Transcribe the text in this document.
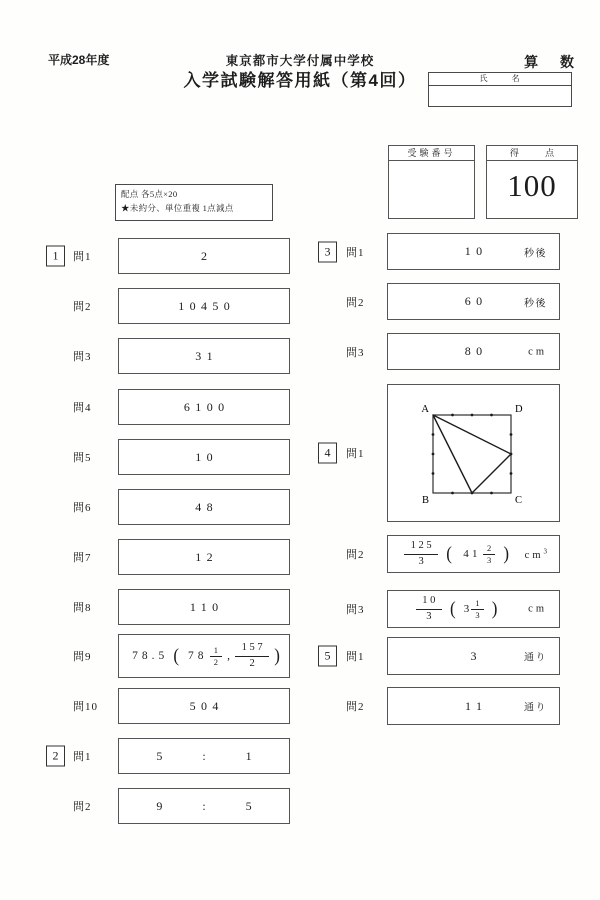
平成28年度	東京都市大学付属中学校
入学試験解答用紙（第4回）
算 数
氏 名
受験番号	得 点
100
配点 各5点×20
★未約分、単位重複 1点減点
1	問1	2
問2	10450
問3	31
問4	6100
問5	10
問6	48
問7	12
問8	110
問9	78.5 ( $78 \frac{1}{2}$ , $\frac{157}{2}$ )
問10	504
2	問1	5	:	1
問2	9	:	5
3	問1	10	秒後
問2	60	秒後
問3	80	cm
4	問1
A	D
B	C
問2	$\frac{125}{3}$ ( $41 \frac{2}{3}$ ) $cm^3$
問3	$\frac{10}{3}$ ( $3 \frac{1}{3}$ )	cm
5	問1	3	通り
問2	11	通り
